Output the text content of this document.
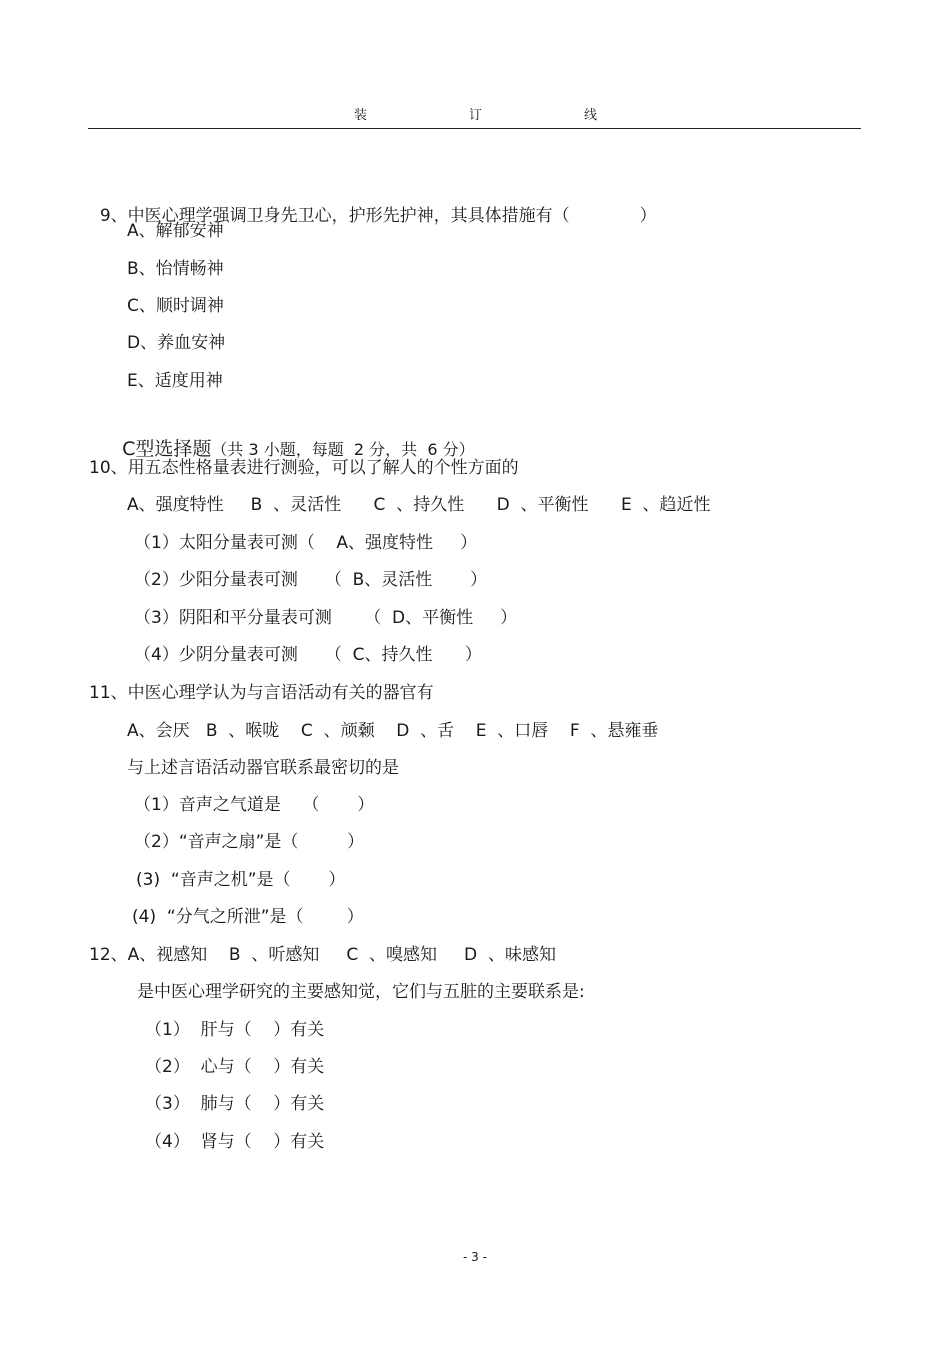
装	订	线

9、中医心理学强调卫身先卫心，护形先护神，其具体措施有（	）

A、解郁安神
B、怡情畅神
C、顺时调神
D、养血安神
E、适度用神

C型选择题（共 3 小题，每题  2 分，共  6 分）

10、用五态性格量表进行测验，可以了解人的个性方面的
A、强度特性     B  、灵活性      C  、持久性      D  、平衡性      E  、趋近性
（1）太阳分量表可测（    A、强度特性     ）
（2）少阳分量表可测     （  B、灵活性       ）
（3）阴阳和平分量表可测      （  D、平衡性     ）
（4）少阴分量表可测     （  C、持久性      ）
11、中医心理学认为与言语活动有关的器官有
A、会厌   B  、喉咙    C  、颃颡    D  、舌    E  、口唇    F  、悬雍垂
与上述言语活动器官联系最密切的是
（1）音声之气道是    （       ）
（2）“音声之扇”是（         ）
(3)  “音声之机”是（       ）
(4)  “分气之所泄”是（        ）
12、A、视感知    B  、听感知     C  、嗅感知     D  、味感知
是中医心理学研究的主要感知觉，它们与五脏的主要联系是:
（1）  肝与（    ）有关
（2）  心与（    ）有关
（3）  肺与（    ）有关
（4）  肾与（    ）有关
- 3 -
